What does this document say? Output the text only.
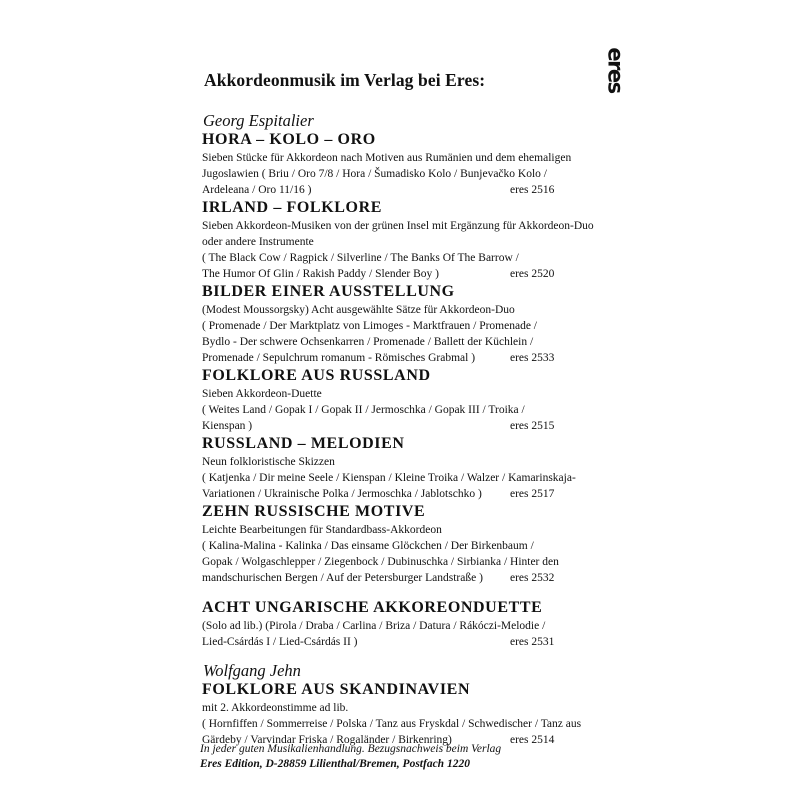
eres
Akkordeonmusik im Verlag bei Eres:
Georg Espitalier
HORA – KOLO – ORO
Sieben Stücke für Akkordeon nach Motiven aus Rumänien und dem ehemaligen
Jugoslawien ( Briu / Oro 7/8 / Hora / Šumadisko Kolo / Bunjevačko Kolo /
Ardeleana / Oro 11/16 )	eres 2516
IRLAND – FOLKLORE
Sieben Akkordeon-Musiken von der grünen Insel mit Ergänzung für Akkordeon-Duo
oder andere Instrumente
( The Black Cow / Ragpick / Silverline / The Banks Of The Barrow /
The Humor Of Glin / Rakish Paddy / Slender Boy )	eres 2520
BILDER EINER AUSSTELLUNG
(Modest Moussorgsky) Acht ausgewählte Sätze für Akkordeon-Duo
( Promenade / Der Marktplatz von Limoges - Marktfrauen / Promenade /
Bydlo - Der schwere Ochsenkarren / Promenade / Ballett der Küchlein /
Promenade / Sepulchrum romanum - Römisches Grabmal )	eres 2533
FOLKLORE AUS RUSSLAND
Sieben Akkordeon-Duette
( Weites Land / Gopak I / Gopak II / Jermoschka / Gopak III / Troika /
Kienspan )	eres 2515
RUSSLAND – MELODIEN
Neun folkloristische Skizzen
( Katjenka / Dir meine Seele / Kienspan / Kleine Troika / Walzer / Kamarinskaja-
Variationen / Ukrainische Polka / Jermoschka / Jablotschko ) eres 2517
ZEHN RUSSISCHE MOTIVE
Leichte Bearbeitungen für Standardbass-Akkordeon
( Kalina-Malina - Kalinka / Das einsame Glöckchen / Der Birkenbaum /
Gopak / Wolgaschlepper / Ziegenbock / Dubinuschka / Sirbianka / Hinter den
mandschurischen Bergen / Auf der Petersburger Landstraße ) eres 2532
ACHT UNGARISCHE AKKOREONDUETTE
(Solo ad lib.) (Pirola / Draba / Carlina / Briza / Datura / Rákóczi-Melodie /
Lied-Csárdás I / Lied-Csárdás II )	eres 2531
Wolfgang Jehn
FOLKLORE AUS SKANDINAVIEN
mit 2. Akkordeonstimme ad lib.
( Hornfiffen / Sommerreise / Polska / Tanz aus Fryskdal / Schwedischer / Tanz aus
Gärdeby / Varvindar Friska / Rogaländer / Birkenring)	eres 2514
In jeder guten Musikalienhandlung. Bezugsnachweis beim Verlag
Eres Edition, D-28859 Lilienthal/Bremen, Postfach 1220
